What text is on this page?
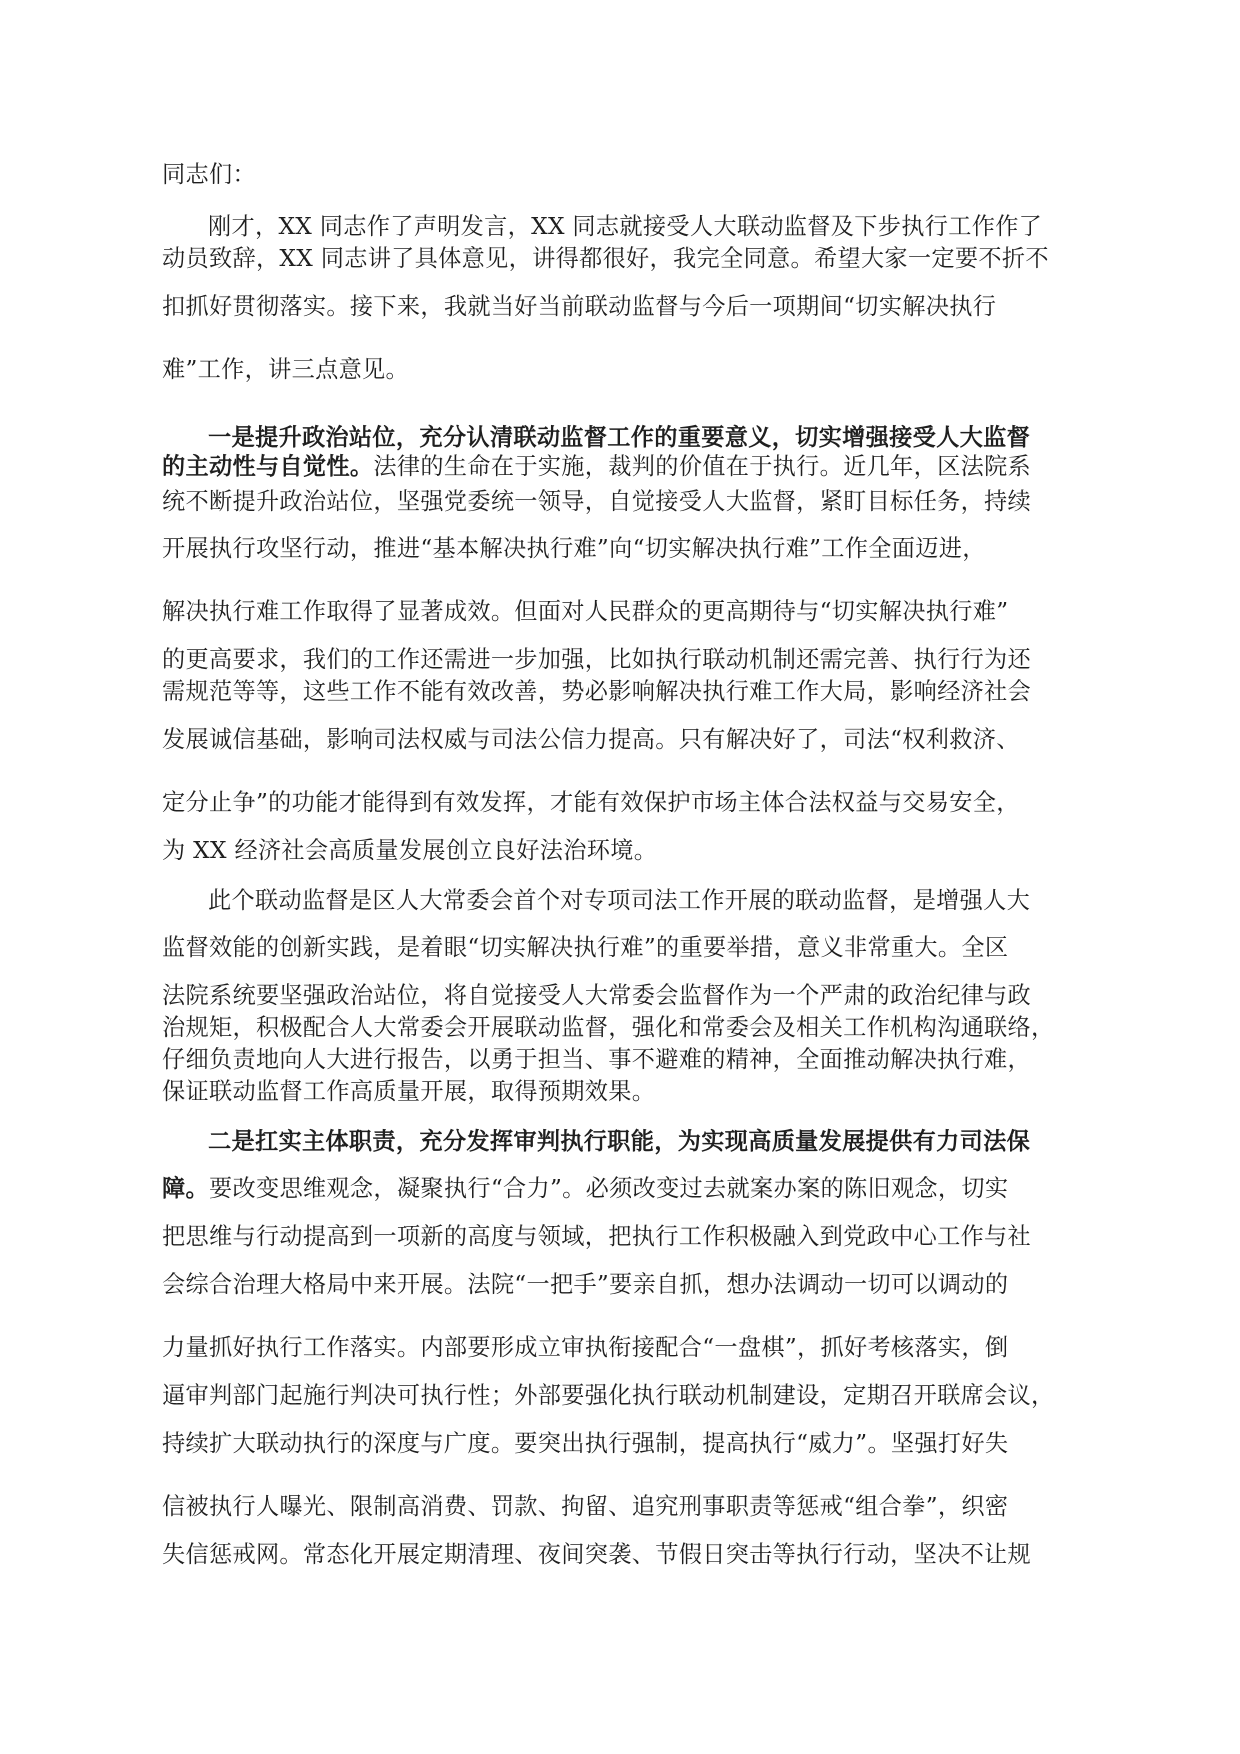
同志们：
刚才，XX 同志作了声明发言，XX 同志就接受人大联动监督及下步执行工作作了
动员致辞，XX 同志讲了具体意见，讲得都很好，我完全同意。希望大家一定要不折不
扣抓好贯彻落实。接下来，我就当好当前联动监督与今后一项期间“切实解决执行
难”工作，讲三点意见。
一是提升政治站位，充分认清联动监督工作的重要意义，切实增强接受人大监督
的主动性与自觉性。法律的生命在于实施，裁判的价值在于执行。近几年，区法院系
统不断提升政治站位，坚强党委统一领导，自觉接受人大监督，紧盯目标任务，持续
开展执行攻坚行动，推进“基本解决执行难”向“切实解决执行难”工作全面迈进，
解决执行难工作取得了显著成效。但面对人民群众的更高期待与“切实解决执行难”
的更高要求，我们的工作还需进一步加强，比如执行联动机制还需完善、执行行为还
需规范等等，这些工作不能有效改善，势必影响解决执行难工作大局，影响经济社会
发展诚信基础，影响司法权威与司法公信力提高。只有解决好了，司法“权利救济、
定分止争”的功能才能得到有效发挥，才能有效保护市场主体合法权益与交易安全，
为 XX 经济社会高质量发展创立良好法治环境。
此个联动监督是区人大常委会首个对专项司法工作开展的联动监督，是增强人大
监督效能的创新实践，是着眼“切实解决执行难”的重要举措，意义非常重大。全区
法院系统要坚强政治站位，将自觉接受人大常委会监督作为一个严肃的政治纪律与政
治规矩，积极配合人大常委会开展联动监督，强化和常委会及相关工作机构沟通联络，
仔细负责地向人大进行报告，以勇于担当、事不避难的精神，全面推动解决执行难，
保证联动监督工作高质量开展，取得预期效果。
二是扛实主体职责，充分发挥审判执行职能，为实现高质量发展提供有力司法保
障。要改变思维观念，凝聚执行“合力”。必须改变过去就案办案的陈旧观念，切实
把思维与行动提高到一项新的高度与领域，把执行工作积极融入到党政中心工作与社
会综合治理大格局中来开展。法院“一把手”要亲自抓，想办法调动一切可以调动的
力量抓好执行工作落实。内部要形成立审执衔接配合“一盘棋”，抓好考核落实，倒
逼审判部门起施行判决可执行性；外部要强化执行联动机制建设，定期召开联席会议，
持续扩大联动执行的深度与广度。要突出执行强制，提高执行“威力”。坚强打好失
信被执行人曝光、限制高消费、罚款、拘留、追究刑事职责等惩戒“组合拳”，织密
失信惩戒网。常态化开展定期清理、夜间突袭、节假日突击等执行行动，坚决不让规
